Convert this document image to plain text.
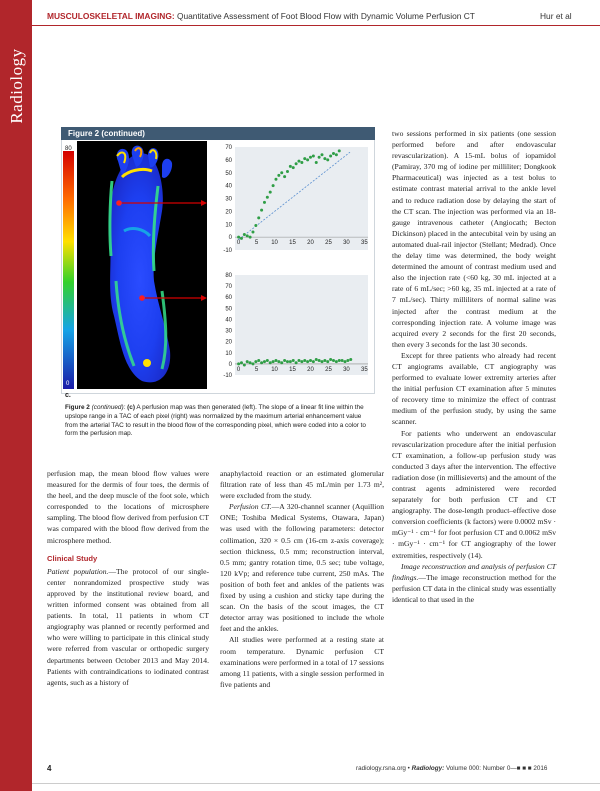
Radiology
MUSCULOSKELETAL IMAGING: Quantitative Assessment of Foot Blood Flow with Dynamic Volume Perfusion CT	Hur et al
Figure 2 (continued)
80
0
70
60
50
40
30
20
10
0
-10
0 5 10 15 20 25 30 35
80
70
60
50
40
30
20
10
0
-10
0 5 10 15 20 25 30 35
c.
Figure 2 (continued): (c) A perfusion map was then generated (left). The slope of a linear fit line within the upslope range in a TAC of each pixel (right) was normalized by the maximum arterial enhancement value from the arterial TAC to result in the blood flow of the corresponding pixel, which were coded into a color to form the perfusion map.

two sessions performed in six patients (one session performed before and after endovascular revascularization). A 15-mL bolus of iopamidol (Pamiray, 370 mg of iodine per milliliter; Dongkook Pharmaceutical) was injected as a test bolus to estimate contrast material arrival to the ankle level and to reduce radiation dose by delaying the start of the CT scan. The injection was performed via an 18-gauge intravenous catheter (Angiocath; Becton Dickinson) placed in the antecubital vein by using an automated dual-rail injector (Stellant; Medrad). Once the delay time was determined, the body weight determined the amount of contrast medium used and also the injection rate (<60 kg, 30 mL injected at a rate of 6 mL/sec; >60 kg, 35 mL injected at a rate of 7 mL/sec). Thirty milliliters of normal saline was injected after the contrast medium at the corresponding injection rate. A volume image was acquired every 2 seconds for the first 20 seconds, then every 3 seconds for the last 30 seconds.

Except for three patients who already had recent CT angiograms available, CT angiography was performed to evaluate lower extremity arteries after the initial perfusion CT examination after 5 minutes of recovery time to minimize the effect of contrast medium of the perfusion study, by using the same scanner.

For patients who underwent an endovascular revascularization procedure after the initial perfusion CT examination, a follow-up perfusion study was conducted 3 days after the intervention. The effective radiation dose (in millisieverts) and the amount of the contrast agents administered were recorded separately for both perfusion CT and CT angiography. The dose-length product–effective dose conversion coefficients (k factors) were 0.0002 mSv · mGy⁻¹ · cm⁻¹ for foot perfusion CT and 0.0062 mSv · mGy⁻¹ · cm⁻¹ for CT angiography of the lower extremities, respectively (14).

Image reconstruction and analysis of perfusion CT findings.—The image reconstruction method for the perfusion CT data in the clinical study was essentially identical to that used in the

perfusion map, the mean blood flow values were measured for the dermis of four toes, the dermis of the heel, and the deep muscle of the foot sole, which corresponded to the locations of microsphere sampling. The blood flow derived from perfusion CT was compared with the blood flow derived from the microsphere method.

Clinical Study

Patient population.—The protocol of our single-center nonrandomized prospective study was approved by the institutional review board, and written informed consent was obtained from all patients. In total, 11 patients in whom CT angiography was planned or recently performed and who were willing to participate in this clinical study were referred from vascular or orthopedic surgery departments between October 2013 and May 2014. Patients with contraindications to iodinated contrast agents, such as a history of

anaphylactoid reaction or an estimated glomerular filtration rate of less than 45 mL/min per 1.73 m², were excluded from the study.

Perfusion CT.—A 320-channel scanner (Aquillion ONE; Toshiba Medical Systems, Otawara, Japan) was used with the following parameters: detector collimation, 320 × 0.5 cm (16-cm z-axis coverage); section thickness, 0.5 mm; reconstruction interval, 0.5 mm; gantry rotation time, 0.5 sec; tube voltage, 120 kVp; and reference tube current, 250 mAs. The position of both feet and ankles of the patients was fixed by using a cushion and sticky tape during the scan. On the basis of the scout images, the CT detector array was positioned to include the whole feet and the ankles.

All studies were performed at a resting state at room temperature. Dynamic perfusion CT examinations were performed in a total of 17 sessions among 11 patients, with a single session performed in five patients and

4	radiology.rsna.org • Radiology: Volume 000: Number 0—■ ■ ■ 2016
